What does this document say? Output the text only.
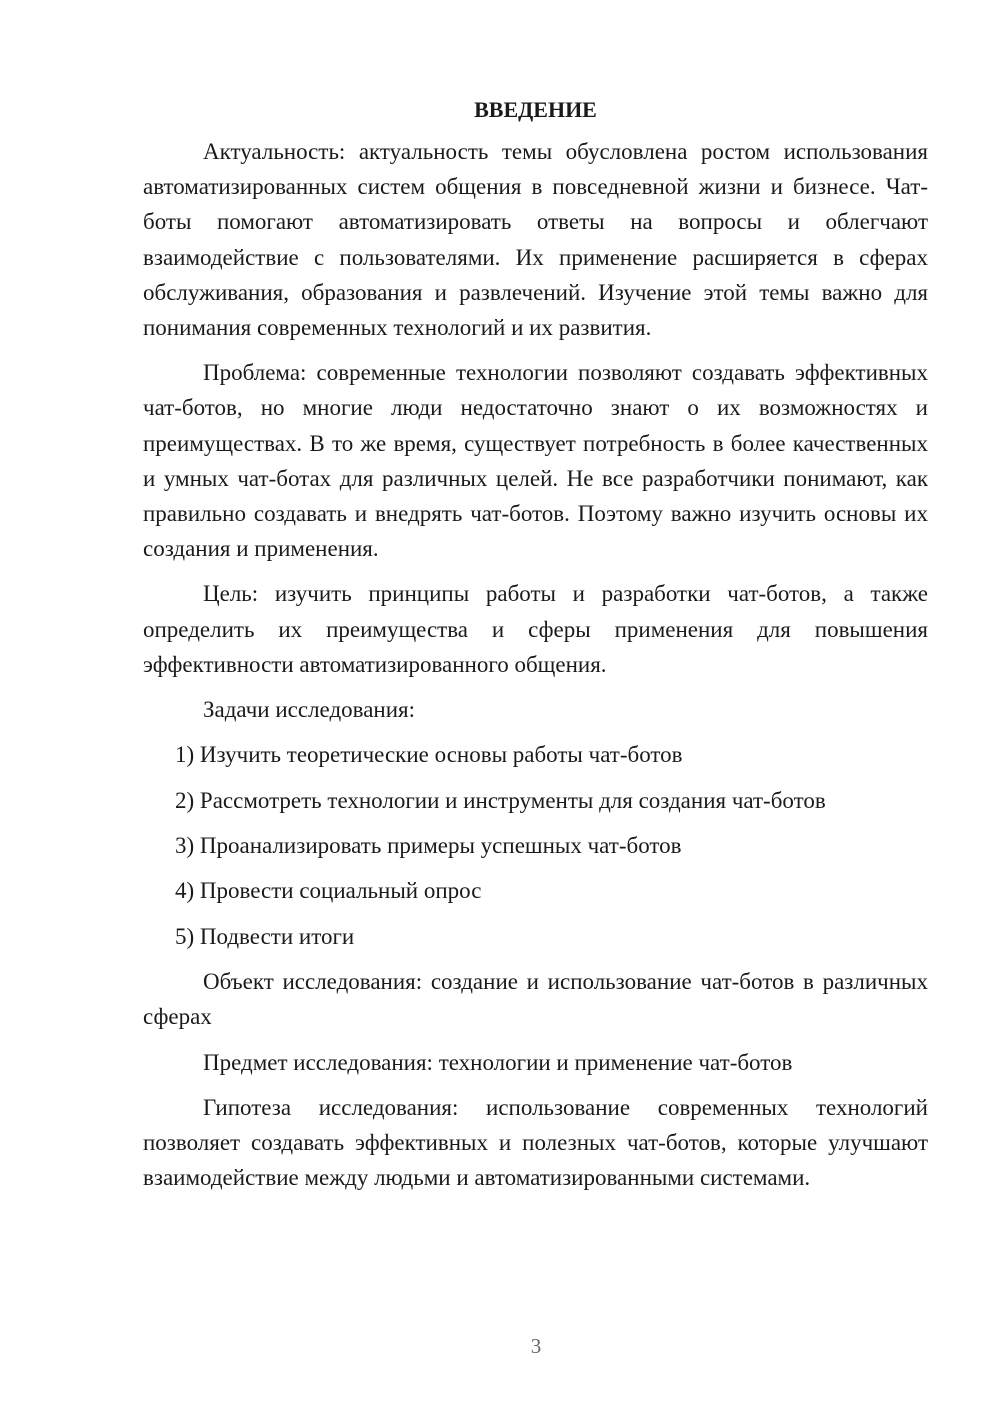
ВВЕДЕНИЕ

Актуальность: актуальность темы обусловлена ростом использования автоматизированных систем общения в повседневной жизни и бизнесе. Чат-боты помогают автоматизировать ответы на вопросы и облегчают взаимодействие с пользователями. Их применение расширяется в сферах обслуживания, образования и развлечений. Изучение этой темы важно для понимания современных технологий и их развития.

Проблема: современные технологии позволяют создавать эффективных чат-ботов, но многие люди недостаточно знают о их возможностях и преимуществах. В то же время, существует потребность в более качественных и умных чат-ботах для различных целей. Не все разработчики понимают, как правильно создавать и внедрять чат-ботов. Поэтому важно изучить основы их создания и применения.

Цель: изучить принципы работы и разработки чат-ботов, а также определить их преимущества и сферы применения для повышения эффективности автоматизированного общения.

Задачи исследования:

1) Изучить теоретические основы работы чат-ботов

2) Рассмотреть технологии и инструменты для создания чат-ботов

3) Проанализировать примеры успешных чат-ботов

4) Провести социальный опрос

5) Подвести итоги

Объект исследования: создание и использование чат-ботов в различных сферах

Предмет исследования: технологии и применение чат-ботов

Гипотеза исследования: использование современных технологий позволяет создавать эффективных и полезных чат-ботов, которые улучшают взаимодействие между людьми и автоматизированными системами.

3
